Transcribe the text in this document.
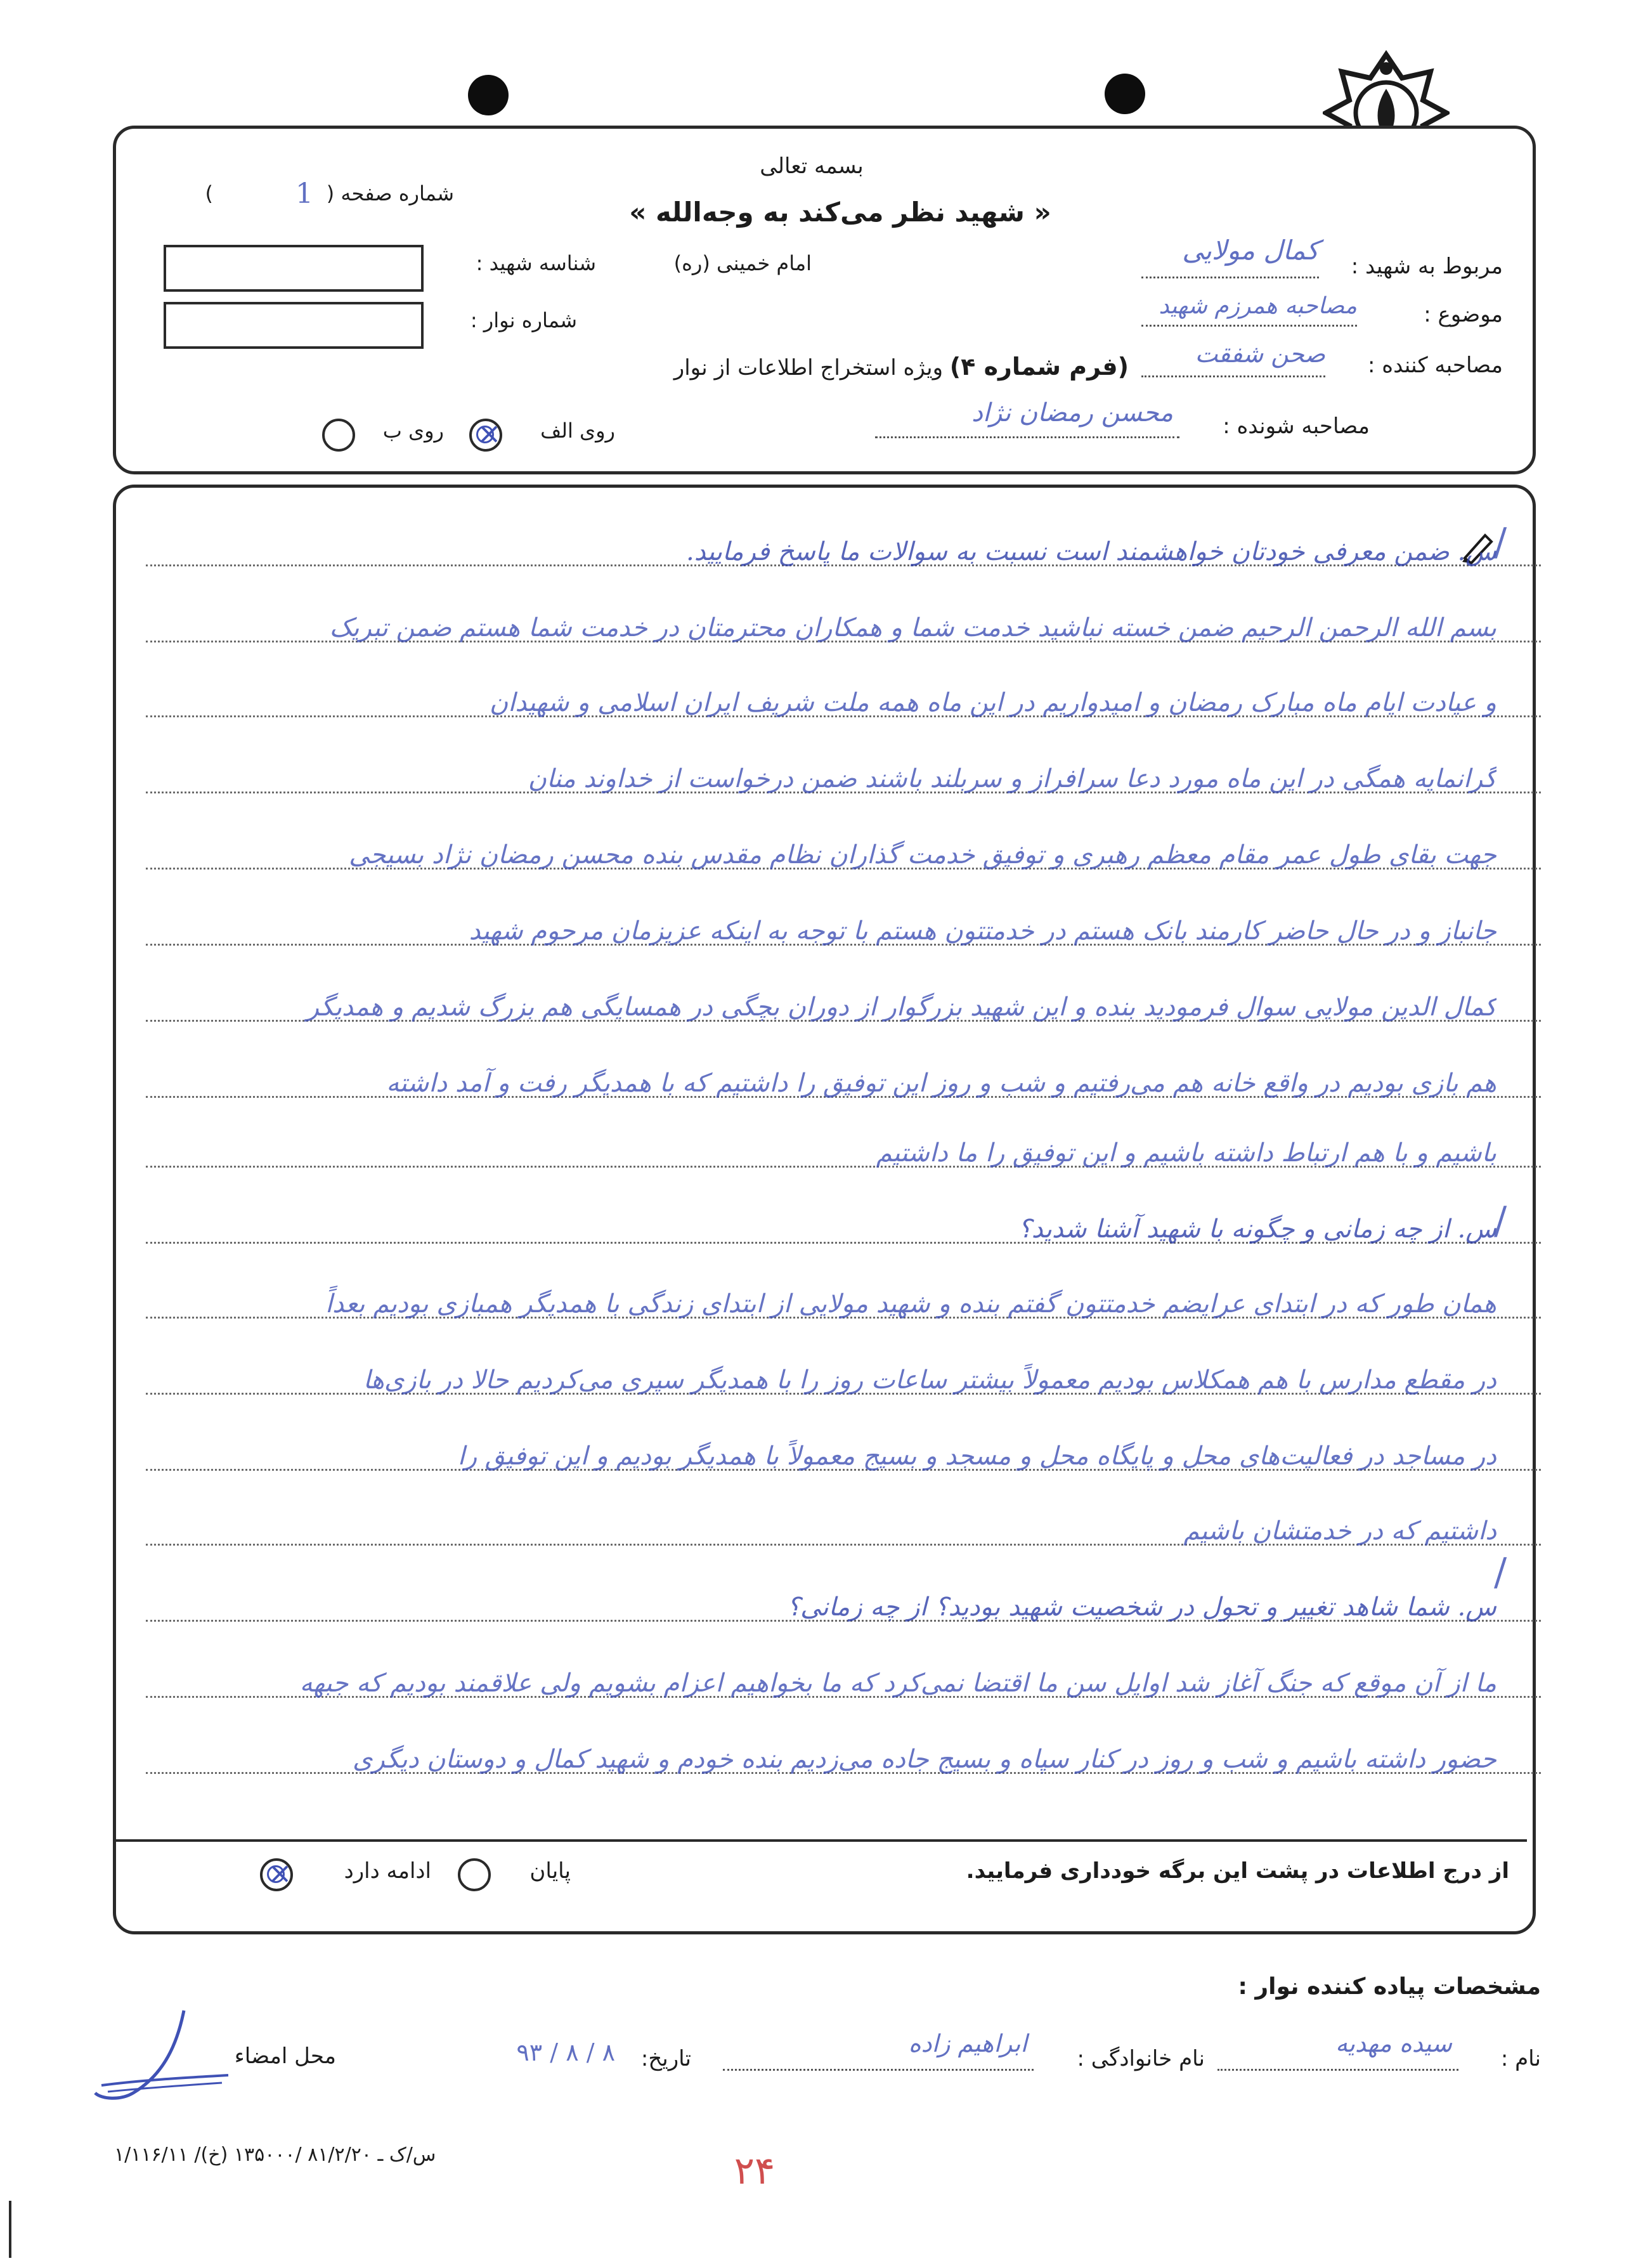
بسمه تعالی
« شهید نظر می‌کند به وجه‌الله »
شماره صفحه (
1
)
شناسه شهید :
شماره نوار :
امام خمینی (ره)	مربوط به شهید :
کمال مولایی
موضوع :
مصاحبه همرزم شهید
مصاحبه کننده :
صحن شفقت
مصاحبه شونده :
محسن رمضان نژاد
(فرم شماره ۴) ویژه استخراج اطلاعات از نوار
روی الف
×
روی ب
س. ضمن معرفی خودتان خواهشمند است نسبت به سوالات ما پاسخ فرمایید.
بسم الله الرحمن الرحیم ضمن خسته نباشید خدمت شما و همکاران محترمتان در خدمت شما هستم ضمن تبریک
و عیادت ایام ماه مبارک رمضان و امیدواریم در این ماه همه ملت شریف ایران اسلامی و شهیدان
گرانمایه همگی در این ماه مورد دعا سرافراز و سربلند باشند ضمن درخواست از خداوند منان
جهت بقای طول عمر مقام معظم رهبری و توفیق خدمت گذاران نظام مقدس بنده محسن رمضان نژاد بسیجی
جانباز و در حال حاضر کارمند بانک هستم در خدمتتون هستم با توجه به اینکه عزیزمان مرحوم شهید
کمال الدین مولایی سوال فرمودید بنده و این شهید بزرگوار از دوران بچگی در همسایگی هم بزرگ شدیم و همدیگر
هم بازی بودیم در واقع خانه هم می‌رفتیم و شب و روز این توفیق را داشتیم که با همدیگر رفت و آمد داشته
باشیم و با هم ارتباط داشته باشیم و این توفیق را ما داشتیم
س. از چه زمانی و چگونه با شهید آشنا شدید؟
همان طور که در ابتدای عرایضم خدمتتون گفتم بنده و شهید مولایی از ابتدای زندگی با همدیگر همبازی بودیم بعداً
در مقطع مدارس با هم همکلاس بودیم معمولاً بیشتر ساعات روز را با همدیگر سپری می‌کردیم حالا در بازی‌ها
در مساجد در فعالیت‌های محل و پایگاه محل و مسجد و بسیج معمولاً با همدیگر بودیم و این توفیق را
داشتیم که در خدمتشان باشیم
س. شما شاهد تغییر و تحول در شخصیت شهید بودید؟ از چه زمانی؟
ما از آن موقع که جنگ آغاز شد اوایل سن ما اقتضا نمی‌کرد که ما بخواهیم اعزام بشویم ولی علاقمند بودیم که جبهه
حضور داشته باشیم و شب و روز در کنار سپاه و بسیج جاده می‌زدیم بنده خودم و شهید کمال و دوستان دیگری
/
/
/
از درج اطلاعات در پشت این برگه خودداری فرمایید.
پایان
ادامه دارد
×
مشخصات پیاده کننده نوار :
نام :
سیده مهدیه
نام خانوادگی :
ابراهیم زاده
تاریخ:
۸ / ۸ / ۹۳
محل امضاء
۱/۱۱۶/۱۱ /س/ک ـ ۸۱/۲/۲۰ /۱۳۵۰۰۰ (خ)	۲۴
